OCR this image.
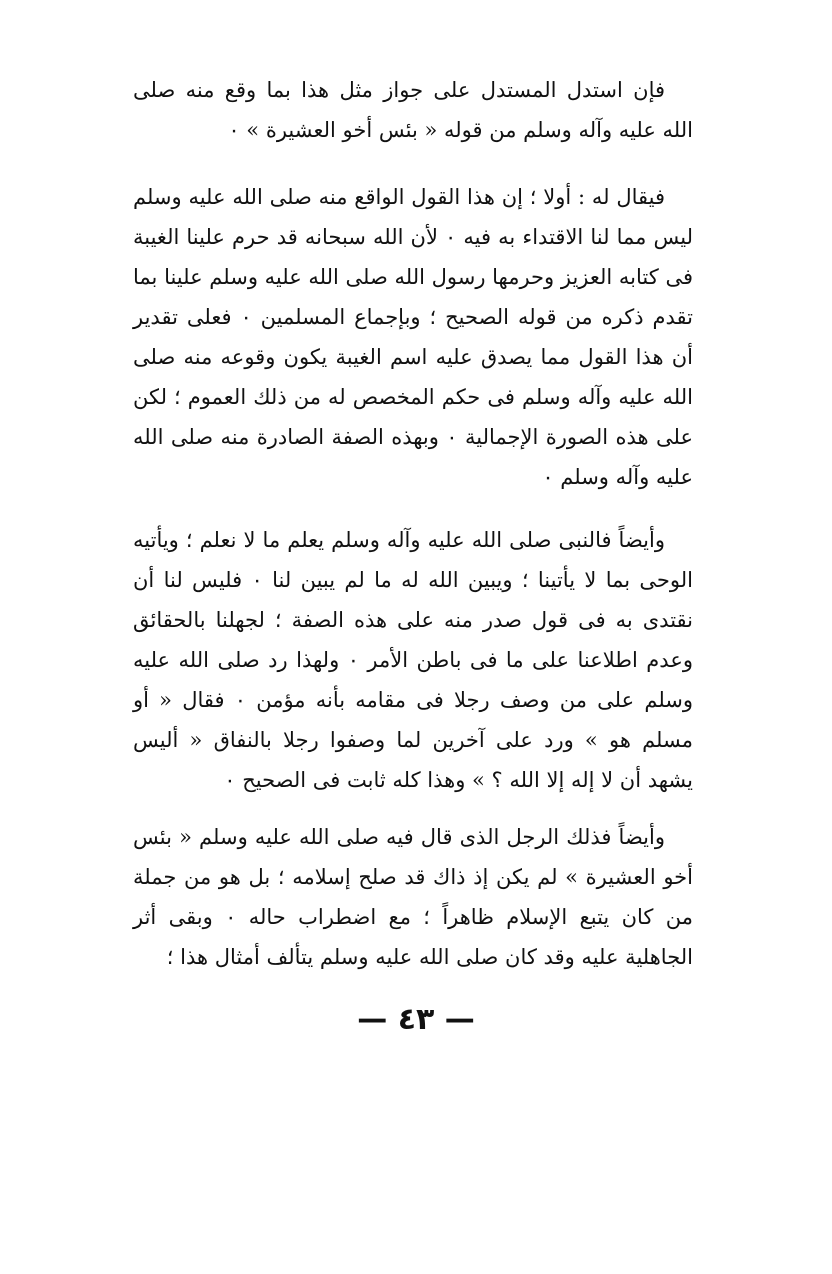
فإن استدل المستدل على جواز مثل هذا بما وقع منه صلى الله عليه وآله وسلم من قوله « بئس أخو العشيرة » ٠

فيقال له : أولا ؛ إن هذا القول الواقع منه صلى الله عليه وسلم ليس مما لنا الاقتداء به فيه ٠ لأن الله سبحانه قد حرم علينا الغيبة فى كتابه العزيز وحرمها رسول الله صلى الله عليه وسلم علينا بما تقدم ذكره من قوله الصحيح ؛ وبإجماع المسلمين ٠ فعلى تقدير أن هذا القول مما يصدق عليه اسم الغيبة يكون وقوعه منه صلى الله عليه وآله وسلم فى حكم المخصص له من ذلك العموم ؛ لكن على هذه الصورة الإجمالية ٠ وبهذه الصفة الصادرة منه صلى الله عليه وآله وسلم ٠

وأيضاً فالنبى صلى الله عليه وآله وسلم يعلم ما لا نعلم ؛ ويأتيه الوحى بما لا يأتينا ؛ ويبين الله له ما لم يبين لنا ٠ فليس لنا أن نقتدى به فى قول صدر منه على هذه الصفة ؛ لجهلنا بالحقائق وعدم اطلاعنا على ما فى باطن الأمر ٠ ولهذا رد صلى الله عليه وسلم على من وصف رجلا فى مقامه بأنه مؤمن ٠ فقال « أو مسلم هو » ورد على آخرين لما وصفوا رجلا بالنفاق « أليس يشهد أن لا إله إلا الله ؟ » وهذا كله ثابت فى الصحيح ٠

وأيضاً فذلك الرجل الذى قال فيه صلى الله عليه وسلم « بئس أخو العشيرة » لم يكن إذ ذاك قد صلح إسلامه ؛ بل هو من جملة من كان يتبع الإسلام ظاهراً ؛ مع اضطراب حاله ٠ وبقى أثر الجاهلية عليه وقد كان صلى الله عليه وسلم يتألف أمثال هذا ؛

— ٤٣ —
